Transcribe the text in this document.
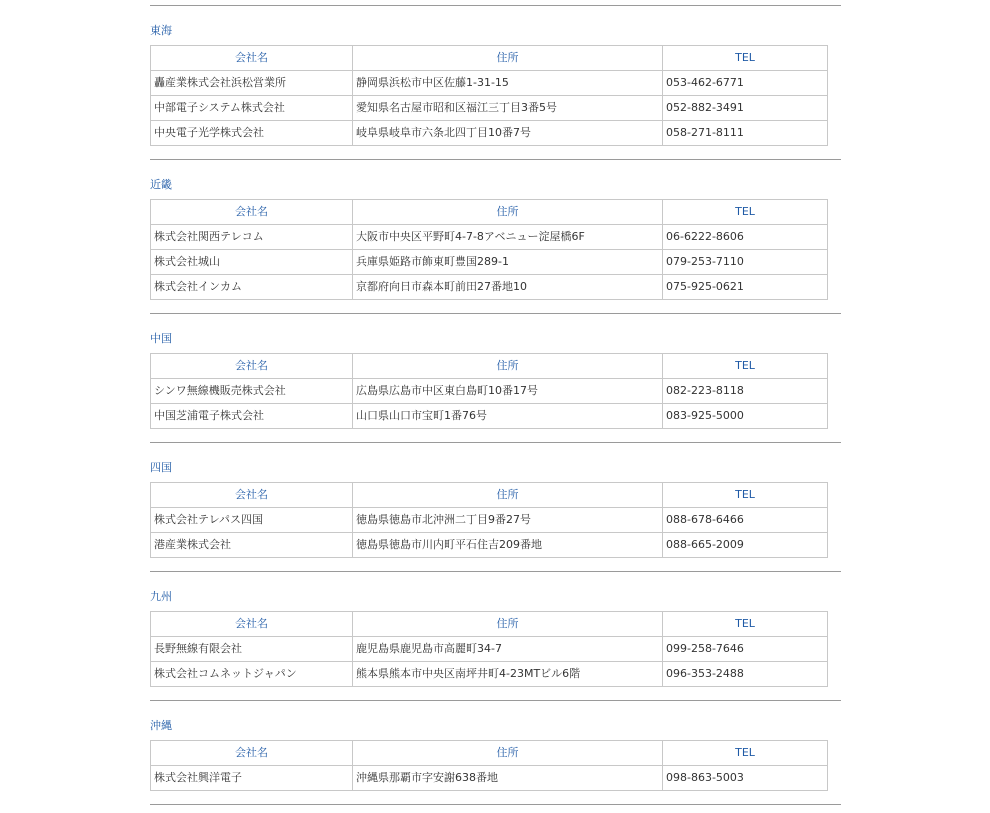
東海
会社名	住所	TEL
轟産業株式会社浜松営業所	静岡県浜松市中区佐藤1-31-15	053-462-6771
中部電子システム株式会社	愛知県名古屋市昭和区福江三丁目3番5号	052-882-3491
中央電子光学株式会社	岐阜県岐阜市六条北四丁目10番7号	058-271-8111
近畿
会社名	住所	TEL
株式会社関西テレコム	大阪市中央区平野町4-7-8アベニュー淀屋橋6F	06-6222-8606
株式会社城山	兵庫県姫路市飾東町豊国289-1	079-253-7110
株式会社インカム	京都府向日市森本町前田27番地10	075-925-0621
中国
会社名	住所	TEL
シンワ無線機販売株式会社	広島県広島市中区東白島町10番17号	082-223-8118
中国芝浦電子株式会社	山口県山口市宝町1番76号	083-925-5000
四国
会社名	住所	TEL
株式会社テレパス四国	徳島県徳島市北沖洲二丁目9番27号	088-678-6466
港産業株式会社	徳島県徳島市川内町平石住吉209番地	088-665-2009
九州
会社名	住所	TEL
長野無線有限会社	鹿児島県鹿児島市高麗町34-7	099-258-7646
株式会社コムネットジャパン	熊本県熊本市中央区南坪井町4-23MTビル6階	096-353-2488
沖縄
会社名	住所	TEL
株式会社興洋電子	沖縄県那覇市字安謝638番地	098-863-5003
